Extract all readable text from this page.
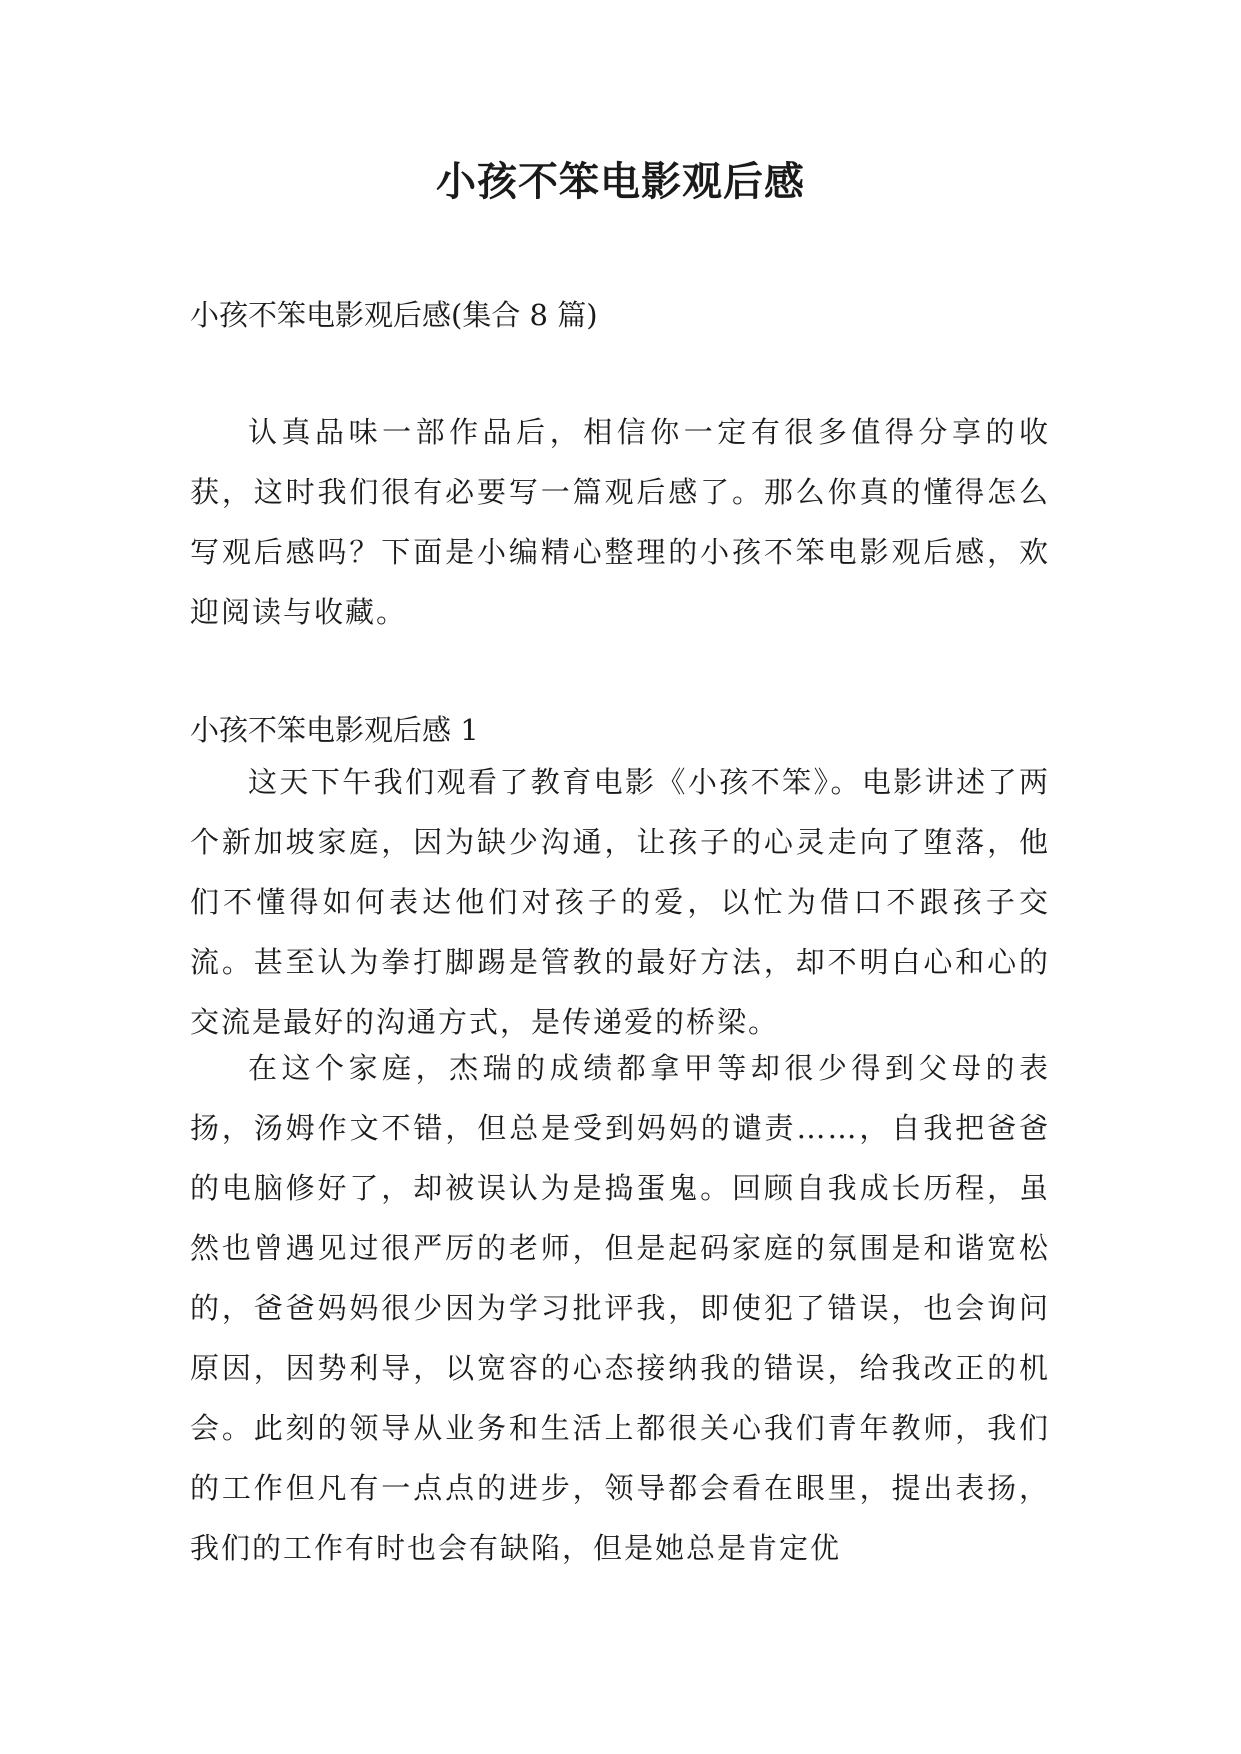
小孩不笨电影观后感

小孩不笨电影观后感(集合 8 篇)

认真品味一部作品后，相信你一定有很多值得分享的收获，这时我们很有必要写一篇观后感了。那么你真的懂得怎么写观后感吗？下面是小编精心整理的小孩不笨电影观后感，欢迎阅读与收藏。

小孩不笨电影观后感 1

这天下午我们观看了教育电影《小孩不笨》。电影讲述了两个新加坡家庭，因为缺少沟通，让孩子的心灵走向了堕落，他们不懂得如何表达他们对孩子的爱，以忙为借口不跟孩子交流。甚至认为拳打脚踢是管教的最好方法，却不明白心和心的交流是最好的沟通方式，是传递爱的桥梁。

在这个家庭，杰瑞的成绩都拿甲等却很少得到父母的表扬，汤姆作文不错，但总是受到妈妈的谴责……，自我把爸爸的电脑修好了，却被误认为是捣蛋鬼。回顾自我成长历程，虽然也曾遇见过很严厉的老师，但是起码家庭的氛围是和谐宽松的，爸爸妈妈很少因为学习批评我，即使犯了错误，也会询问原因，因势利导，以宽容的心态接纳我的错误，给我改正的机会。此刻的领导从业务和生活上都很关心我们青年教师，我们的工作但凡有一点点的进步，领导都会看在眼里，提出表扬，我们的工作有时也会有缺陷，但是她总是肯定优
